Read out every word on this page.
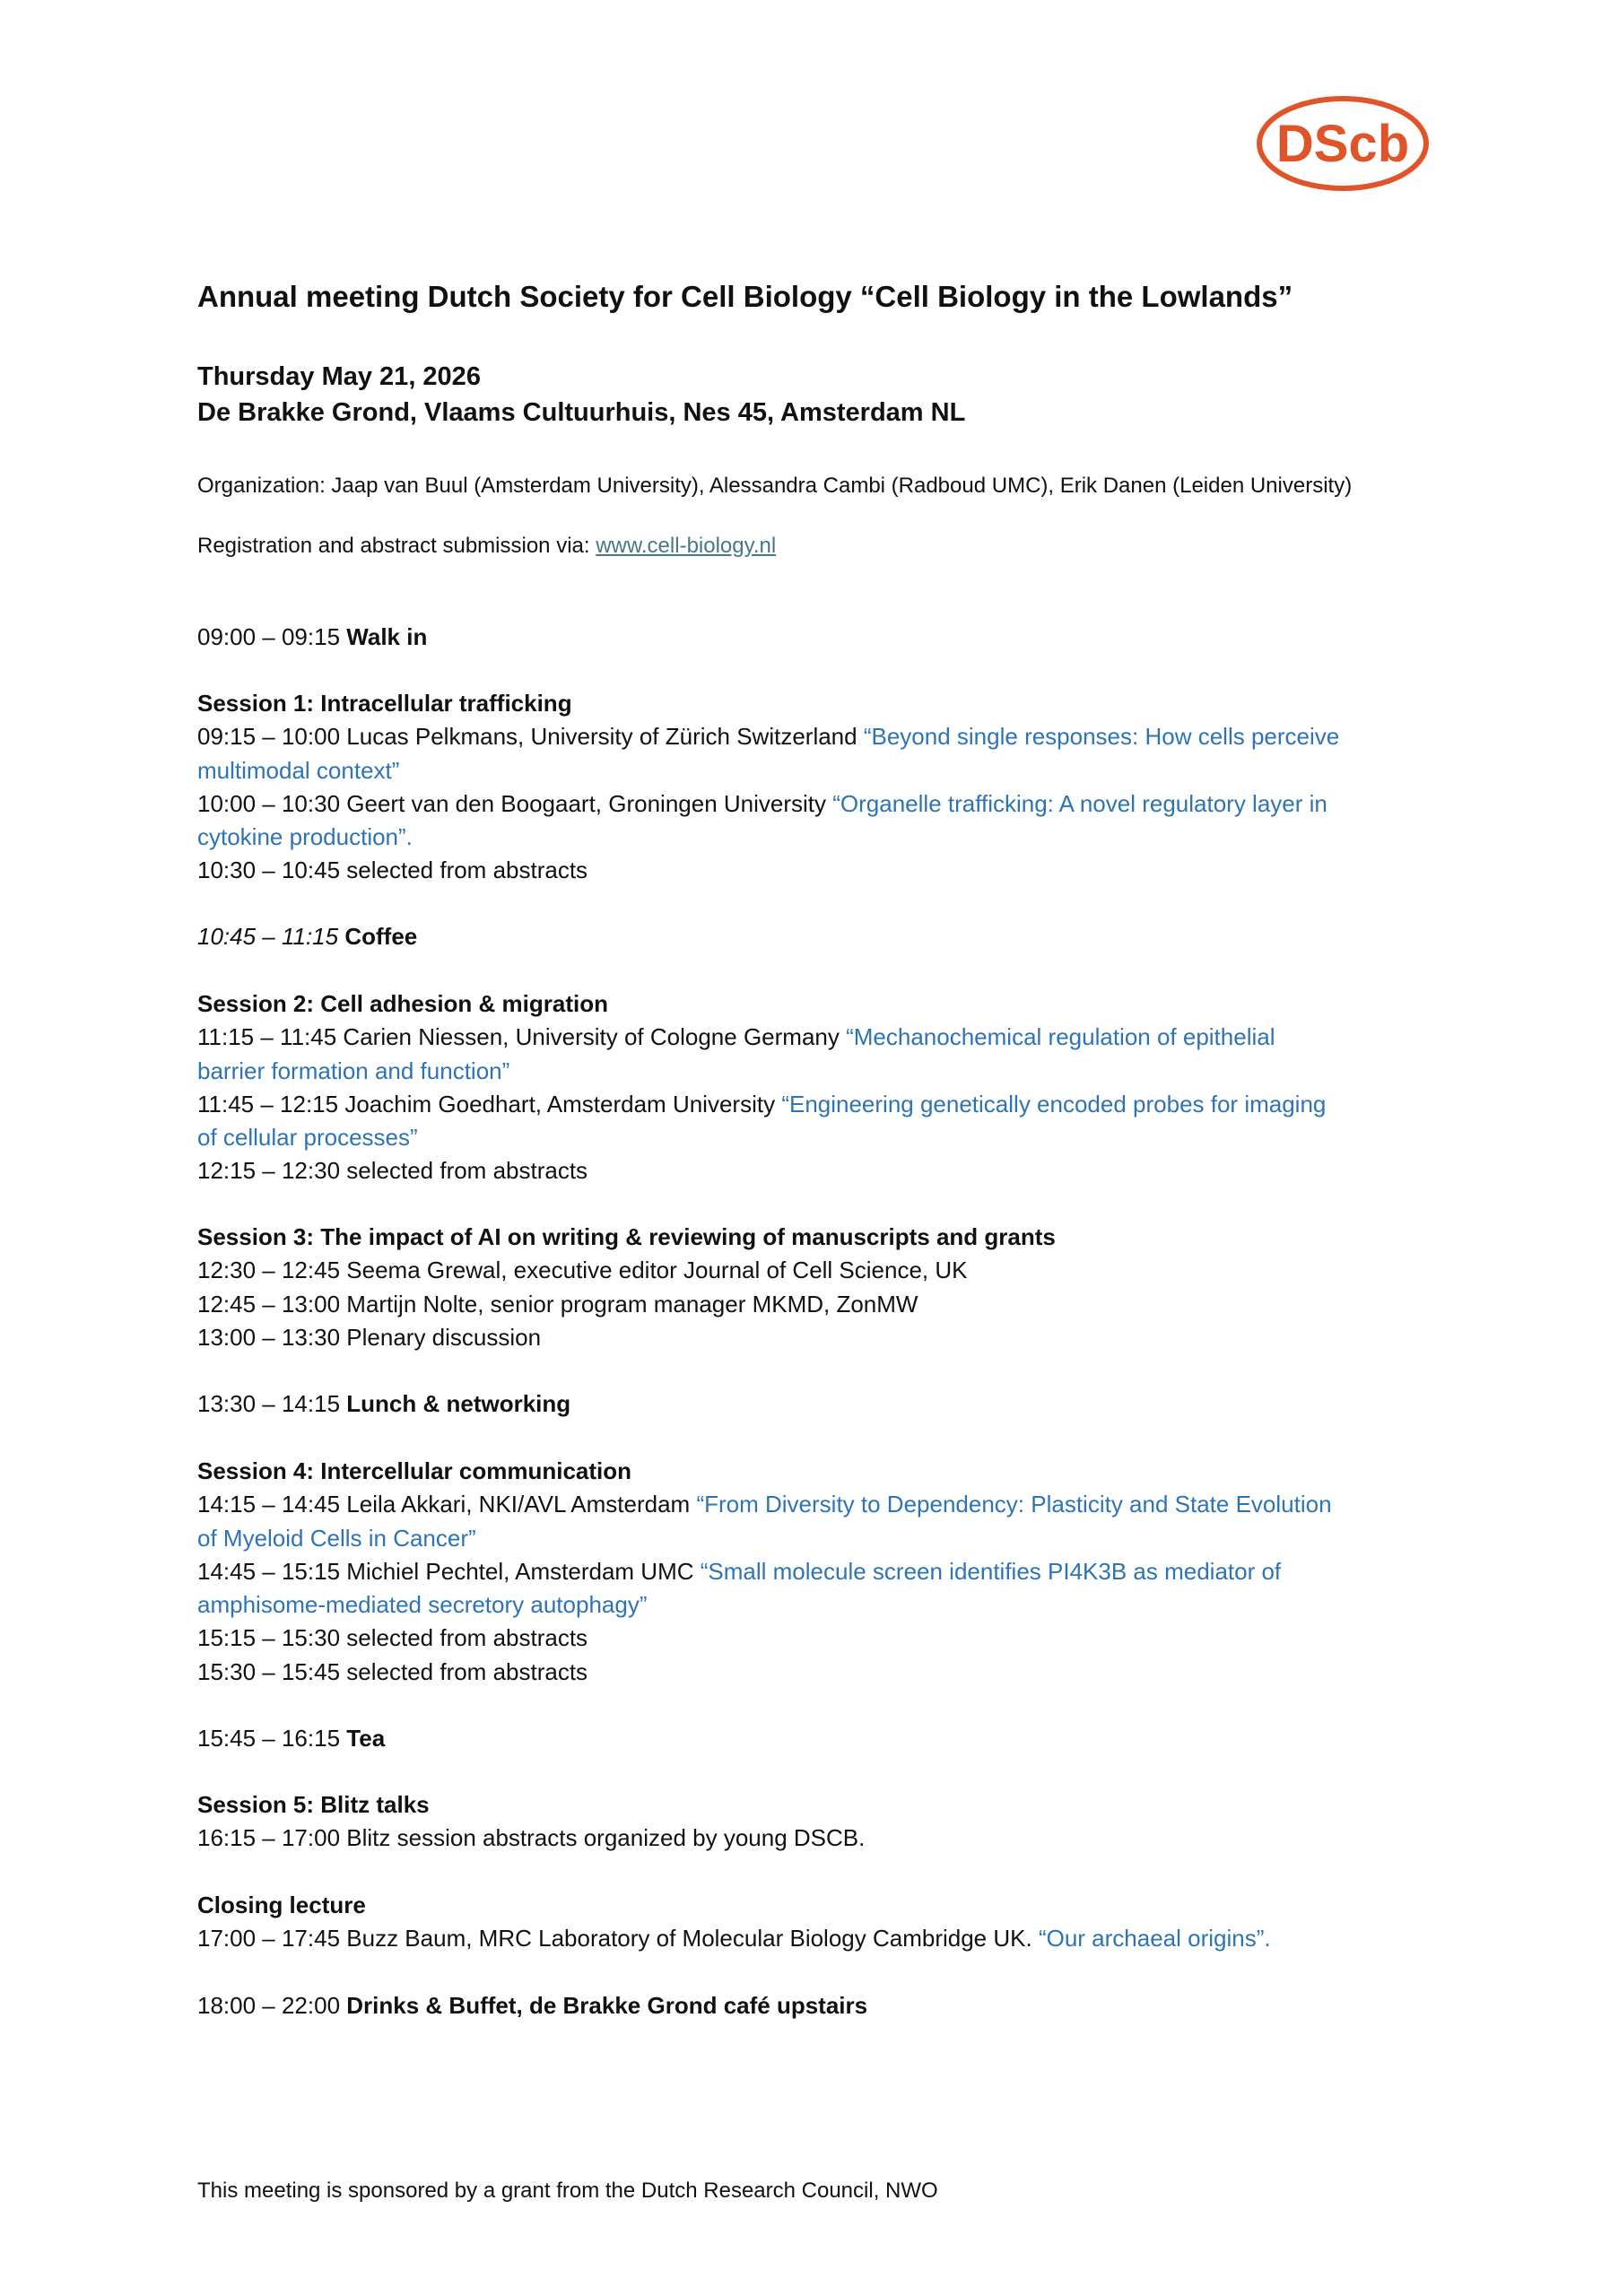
DScb
Annual meeting Dutch Society for Cell Biology “Cell Biology in the Lowlands”
Thursday May 21, 2026
De Brakke Grond, Vlaams Cultuurhuis, Nes 45, Amsterdam NL
Organization: Jaap van Buul (Amsterdam University), Alessandra Cambi (Radboud UMC), Erik Danen (Leiden University)
Registration and abstract submission via: www.cell-biology.nl

09:00 – 09:15 Walk in

Session 1: Intracellular trafficking

09:15 – 10:00 Lucas Pelkmans, University of Zürich Switzerland “Beyond single responses: How cells perceive

multimodal context”

10:00 – 10:30 Geert van den Boogaart, Groningen University “Organelle trafficking: A novel regulatory layer in

cytokine production”.

10:30 – 10:45 selected from abstracts

10:45 – 11:15 Coffee

Session 2: Cell adhesion & migration

11:15 – 11:45 Carien Niessen, University of Cologne Germany “Mechanochemical regulation of epithelial

barrier formation and function”

11:45 – 12:15 Joachim Goedhart, Amsterdam University “Engineering genetically encoded probes for imaging

of cellular processes”

12:15 – 12:30 selected from abstracts

Session 3: The impact of AI on writing & reviewing of manuscripts and grants

12:30 – 12:45 Seema Grewal, executive editor Journal of Cell Science, UK

12:45 – 13:00 Martijn Nolte, senior program manager MKMD, ZonMW

13:00 – 13:30 Plenary discussion

13:30 – 14:15 Lunch & networking

Session 4: Intercellular communication

14:15 – 14:45 Leila Akkari, NKI/AVL Amsterdam “From Diversity to Dependency: Plasticity and State Evolution

of Myeloid Cells in Cancer”

14:45 – 15:15 Michiel Pechtel, Amsterdam UMC “Small molecule screen identifies PI4K3B as mediator of

amphisome-mediated secretory autophagy”

15:15 – 15:30 selected from abstracts

15:30 – 15:45 selected from abstracts

15:45 – 16:15 Tea

Session 5: Blitz talks

16:15 – 17:00 Blitz session abstracts organized by young DSCB.

Closing lecture

17:00 – 17:45 Buzz Baum, MRC Laboratory of Molecular Biology Cambridge UK. “Our archaeal origins”.

18:00 – 22:00 Drinks & Buffet, de Brakke Grond café upstairs

This meeting is sponsored by a grant from the Dutch Research Council, NWO
